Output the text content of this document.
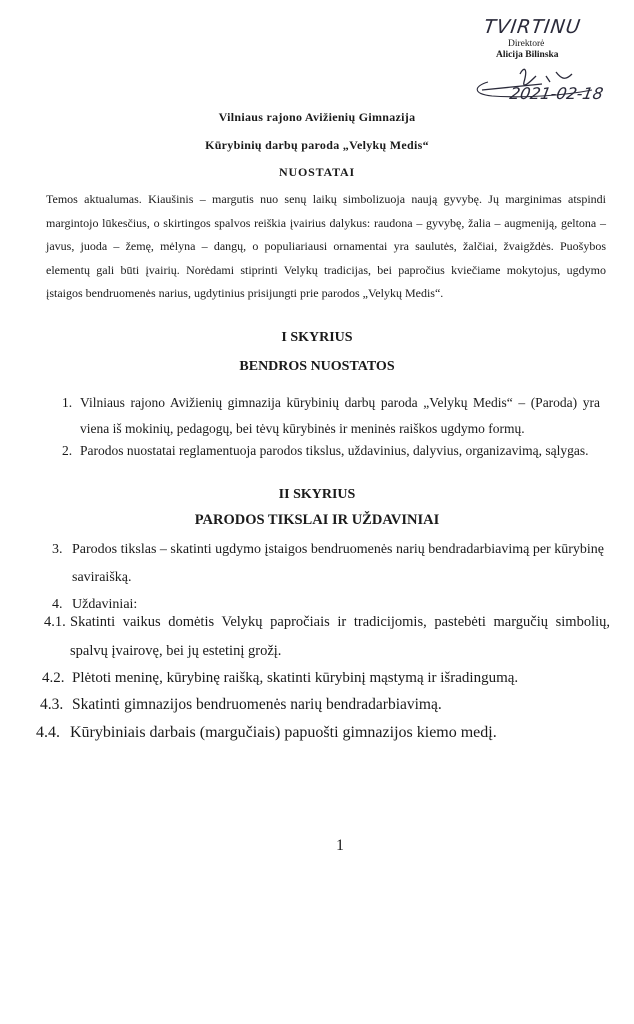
TVIRTINU
Direktorė
Alicija Bilinska
2021-02-18
Vilniaus rajono Avižienių Gimnazija
Kūrybinių darbų paroda „Velykų Medis“
NUOSTATAI
Temos aktualumas. Kiaušinis – margutis nuo senų laikų simbolizuoja naują gyvybę. Jų marginimas atspindi margintojo lūkesčius, o skirtingos spalvos reiškia įvairius dalykus: raudona – gyvybę, žalia – augmeniją, geltona – javus, juoda – žemę, mėlyna – dangų, o populiariausi ornamentai yra saulutės, žalčiai, žvaigždės. Puošybos elementų gali būti įvairių. Norėdami stiprinti Velykų tradicijas, bei papročius kviečiame mokytojus, ugdymo įstaigos bendruomenės narius, ugdytinius prisijungti prie parodos „Velykų Medis“.
I SKYRIUS
BENDROS NUOSTATOS
1. Vilniaus rajono Avižienių gimnazija kūrybinių darbų paroda „Velykų Medis“ – (Paroda) yra viena iš mokinių, pedagogų, bei tėvų kūrybinės ir meninės raiškos ugdymo formų.
2. Parodos nuostatai reglamentuoja parodos tikslus, uždavinius, dalyvius, organizavimą, sąlygas.
II SKYRIUS
PARODOS TIKSLAI IR UŽDAVINIAI
3. Parodos tikslas – skatinti ugdymo įstaigos bendruomenės narių bendradarbiavimą per kūrybinę saviraišką.
4. Uždaviniai:
4.1. Skatinti vaikus domėtis Velykų papročiais ir tradicijomis, pastebėti margučių simbolių, spalvų įvairovę, bei jų estetinį grožį.
4.2. Plėtoti meninę, kūrybinę raišką, skatinti kūrybinį mąstymą ir išradingumą.
4.3. Skatinti gimnazijos bendruomenės narių bendradarbiavimą.
4.4. Kūrybiniais darbais (margučiais) papuošti gimnazijos kiemo medį.
1
